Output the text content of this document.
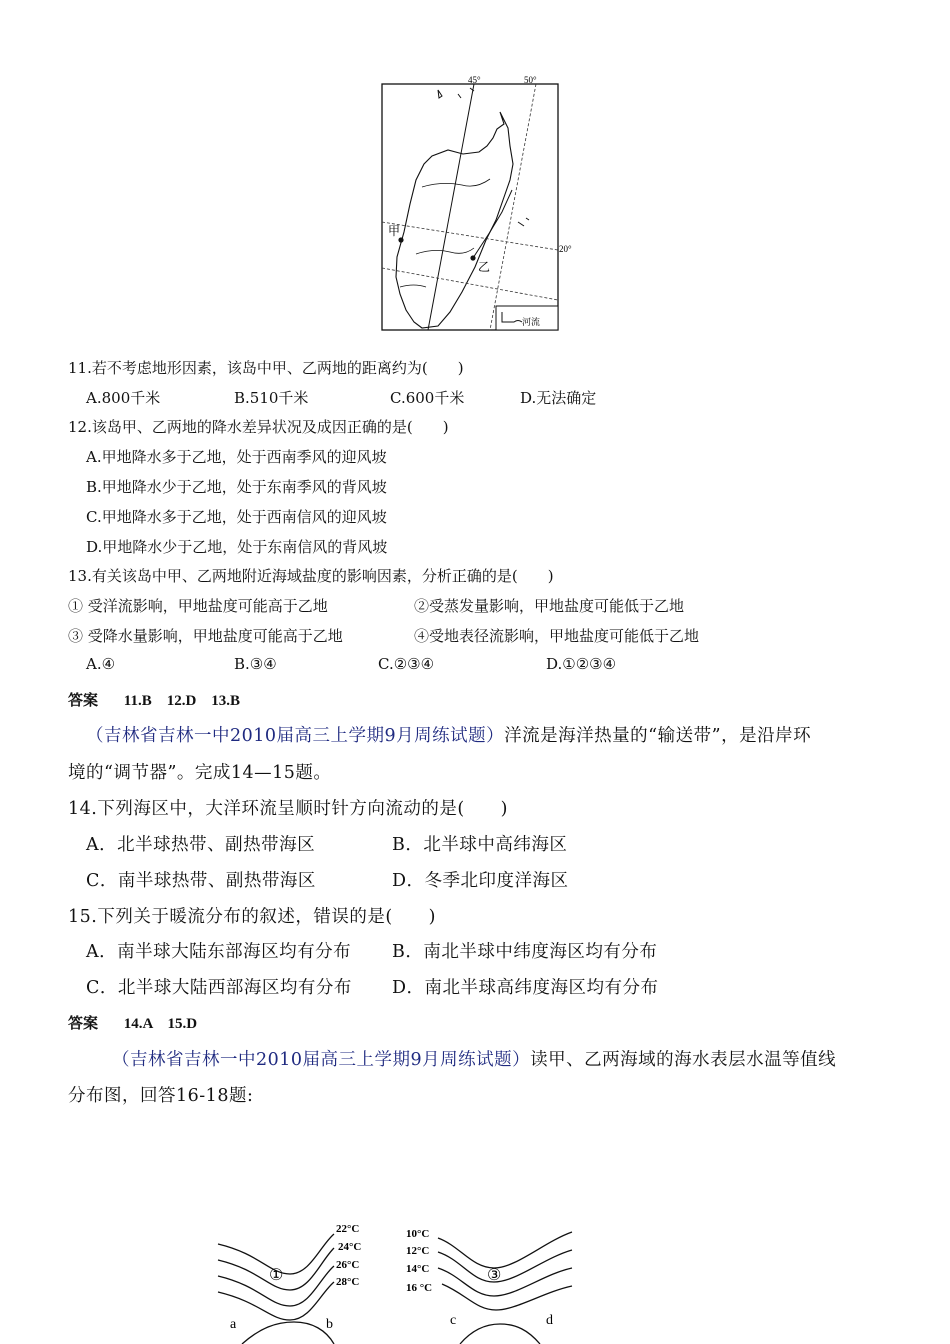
甲
乙
45°	50°
20°
河流
11.若不考虑地形因素，该岛中甲、乙两地的距离约为(　　)
A.800千米	B.510千米	C.600千米	D.无法确定
12.该岛甲、乙两地的降水差异状况及成因正确的是(　　)
A.甲地降水多于乙地，处于西南季风的迎风坡
B.甲地降水少于乙地，处于东南季风的背风坡
C.甲地降水多于乙地，处于西南信风的迎风坡
D.甲地降水少于乙地，处于东南信风的背风坡
13.有关该岛中甲、乙两地附近海域盐度的影响因素，分析正确的是(　　)
① 受洋流影响，甲地盐度可能高于乙地	②受蒸发量影响，甲地盐度可能低于乙地
③ 受降水量影响，甲地盐度可能高于乙地	④受地表径流影响，甲地盐度可能低于乙地
A.④	B.③④	C.②③④	D.①②③④
答案 11.B　12.D　13.B
（吉林省吉林一中2010届高三上学期9月周练试题）洋流是海洋热量的“输送带”，是沿岸环
境的“调节器”。完成14—15题。
14.下列海区中，大洋环流呈顺时针方向流动的是(　　)
A．北半球热带、副热带海区	B．北半球中高纬海区
C．南半球热带、副热带海区	D．冬季北印度洋海区
15.下列关于暖流分布的叙述，错误的是(　　)
A．南半球大陆东部海区均有分布 B．南北半球中纬度海区均有分布
C．北半球大陆西部海区均有分布 D．南北半球高纬度海区均有分布
答案 14.A　15.D
（吉林省吉林一中2010届高三上学期9月周练试题）读甲、乙两海域的海水表层水温等值线
分布图，回答16-18题:
22°C
24°C
26°C
28°C
①
a	b
10°C
12°C
14°C
16 °C
③
c	d
